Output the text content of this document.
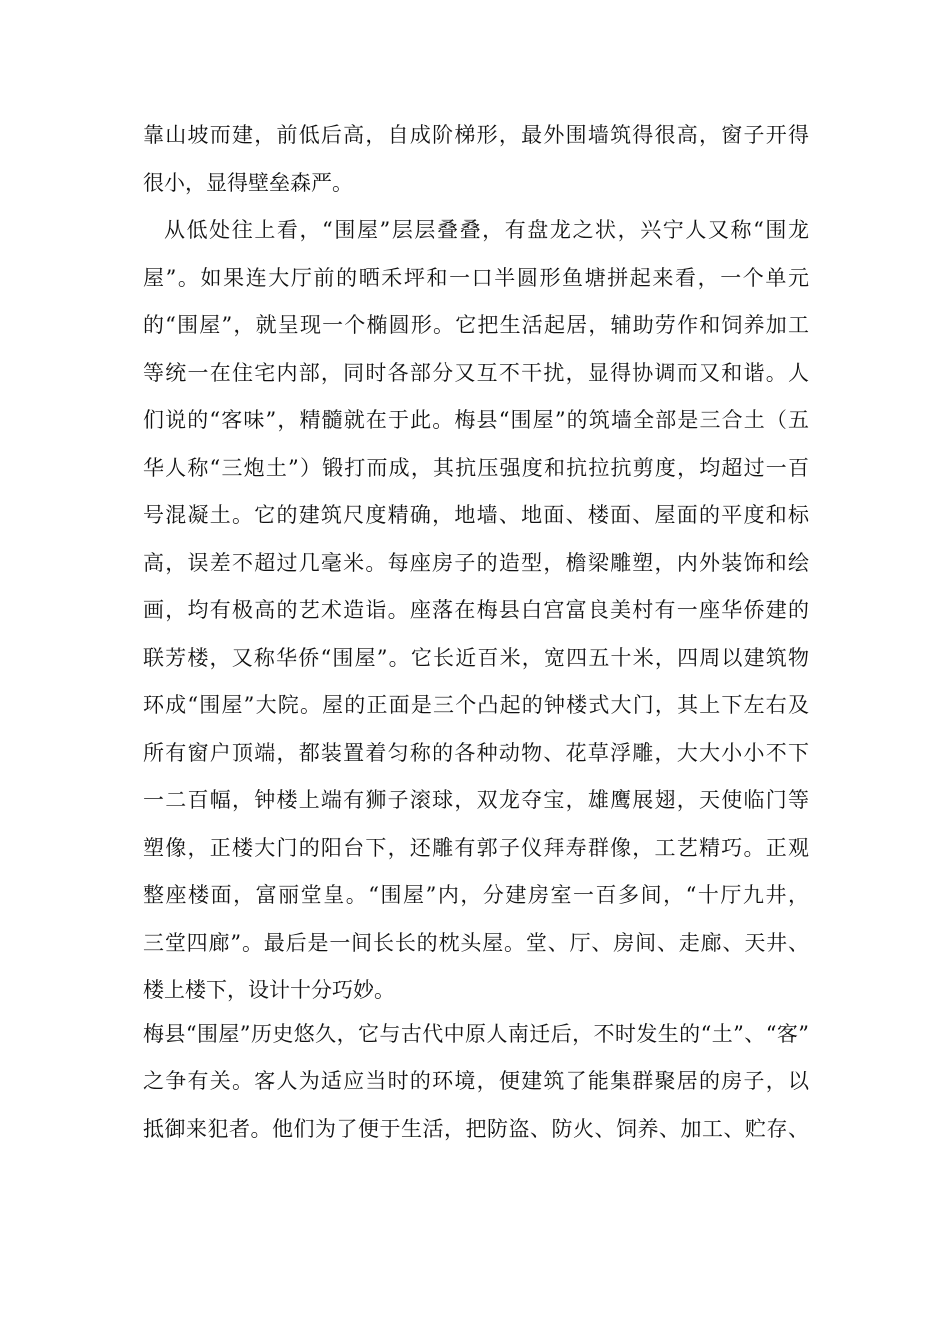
靠山坡而建，前低后高，自成阶梯形，最外围墙筑得很高，窗子开得
很小，显得壁垒森严。
从低处往上看，“围屋”层层叠叠，有盘龙之状，兴宁人又称“围龙
屋”。如果连大厅前的晒禾坪和一口半圆形鱼塘拼起来看，一个单元
的“围屋”，就呈现一个椭圆形。它把生活起居，辅助劳作和饲养加工
等统一在住宅内部，同时各部分又互不干扰，显得协调而又和谐。人
们说的“客味”，精髓就在于此。梅县“围屋”的筑墙全部是三合土（五
华人称“三炮土”）锻打而成，其抗压强度和抗拉抗剪度，均超过一百
号混凝土。它的建筑尺度精确，地墙、地面、楼面、屋面的平度和标
高，误差不超过几毫米。每座房子的造型，檐梁雕塑，内外装饰和绘
画，均有极高的艺术造诣。座落在梅县白宫富良美村有一座华侨建的
联芳楼，又称华侨“围屋”。它长近百米，宽四五十米，四周以建筑物
环成“围屋”大院。屋的正面是三个凸起的钟楼式大门，其上下左右及
所有窗户顶端，都装置着匀称的各种动物、花草浮雕，大大小小不下
一二百幅，钟楼上端有狮子滚球，双龙夺宝，雄鹰展翅，天使临门等
塑像，正楼大门的阳台下，还雕有郭子仪拜寿群像，工艺精巧。正观
整座楼面，富丽堂皇。“围屋”内，分建房室一百多间，“十厅九井，
三堂四廊”。最后是一间长长的枕头屋。堂、厅、房间、走廊、天井、
楼上楼下，设计十分巧妙。
梅县“围屋”历史悠久，它与古代中原人南迁后，不时发生的“土”、“客”
之争有关。客人为适应当时的环境，便建筑了能集群聚居的房子，以
抵御来犯者。他们为了便于生活，把防盗、防火、饲养、加工、贮存、
